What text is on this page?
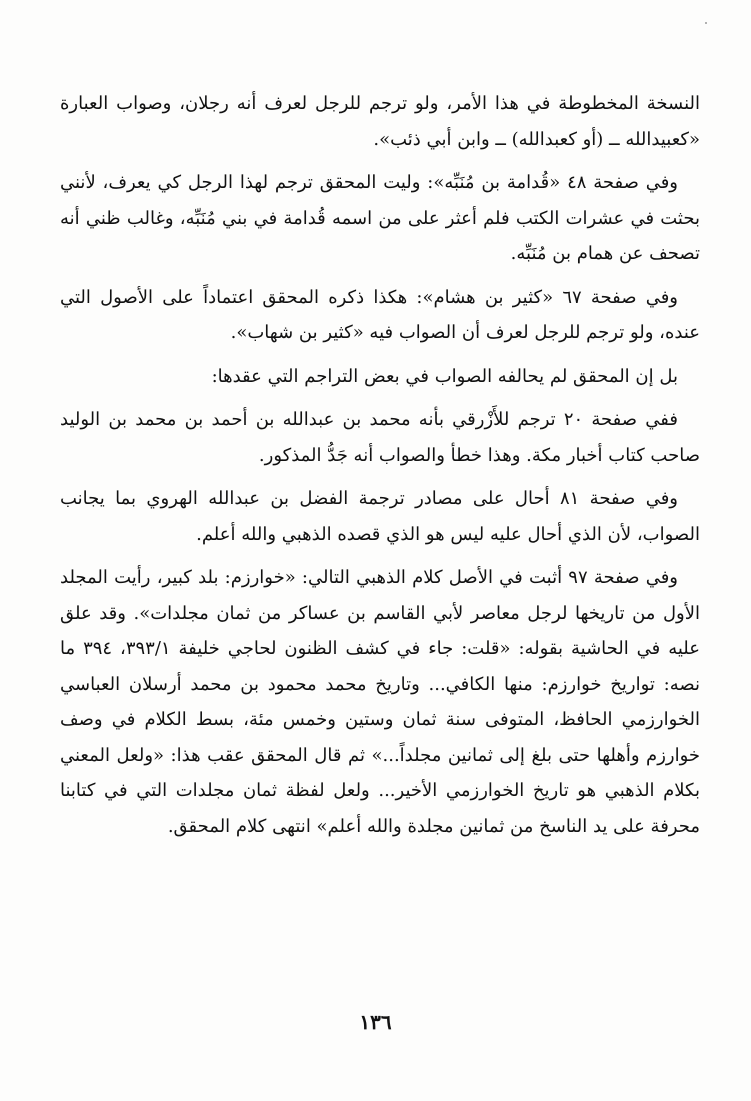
النسخة المخطوطة في هذا الأمر، ولو ترجم للرجل لعرف أنه رجلان، وصواب العبارة «كعبيدالله ــ (أو كعبدالله) ــ وابن أبي ذئب».

وفي صفحة ٤٨ «قُدامة بن مُنَبِّه»: وليت المحقق ترجم لهذا الرجل كي يعرف، لأنني بحثت في عشرات الكتب فلم أعثر على من اسمه قُدامة في بني مُنَبِّه، وغالب ظني أنه تصحف عن همام بن مُنَبِّه.

وفي صفحة ٦٧ «كثير بن هشام»: هكذا ذكره المحقق اعتماداً على الأصول التي عنده، ولو ترجم للرجل لعرف أن الصواب فيه «كثير بن شهاب».

بل إن المحقق لم يحالفه الصواب في بعض التراجم التي عقدها:

ففي صفحة ٢٠ ترجم للأَزْرقي بأنه محمد بن عبدالله بن أحمد بن محمد بن الوليد صاحب كتاب أخبار مكة. وهذا خطأ والصواب أنه جَدُّ المذكور.

وفي صفحة ٨١ أحال على مصادر ترجمة الفضل بن عبدالله الهروي بما يجانب الصواب، لأن الذي أحال عليه ليس هو الذي قصده الذهبي والله أعلم.

وفي صفحة ٩٧ أثبت في الأصل كلام الذهبي التالي: «خوارزم: بلد كبير، رأيت المجلد الأول من تاريخها لرجل معاصر لأبي القاسم بن عساكر من ثمان مجلدات». وقد علق عليه في الحاشية بقوله: «قلت: جاء في كشف الظنون لحاجي خليفة ٣٩٣/١، ٣٩٤ ما نصه: تواريخ خوارزم: منها الكافي... وتاريخ محمد محمود بن محمد أرسلان العباسي الخوارزمي الحافظ، المتوفى سنة ثمان وستين وخمس مئة، بسط الكلام في وصف خوارزم وأهلها حتى بلغ إلى ثمانين مجلداً...» ثم قال المحقق عقب هذا: «ولعل المعني بكلام الذهبي هو تاريخ الخوارزمي الأخير... ولعل لفظة ثمان مجلدات التي في كتابنا محرفة على يد الناسخ من ثمانين مجلدة والله أعلم» انتهى كلام المحقق.

١٣٦
